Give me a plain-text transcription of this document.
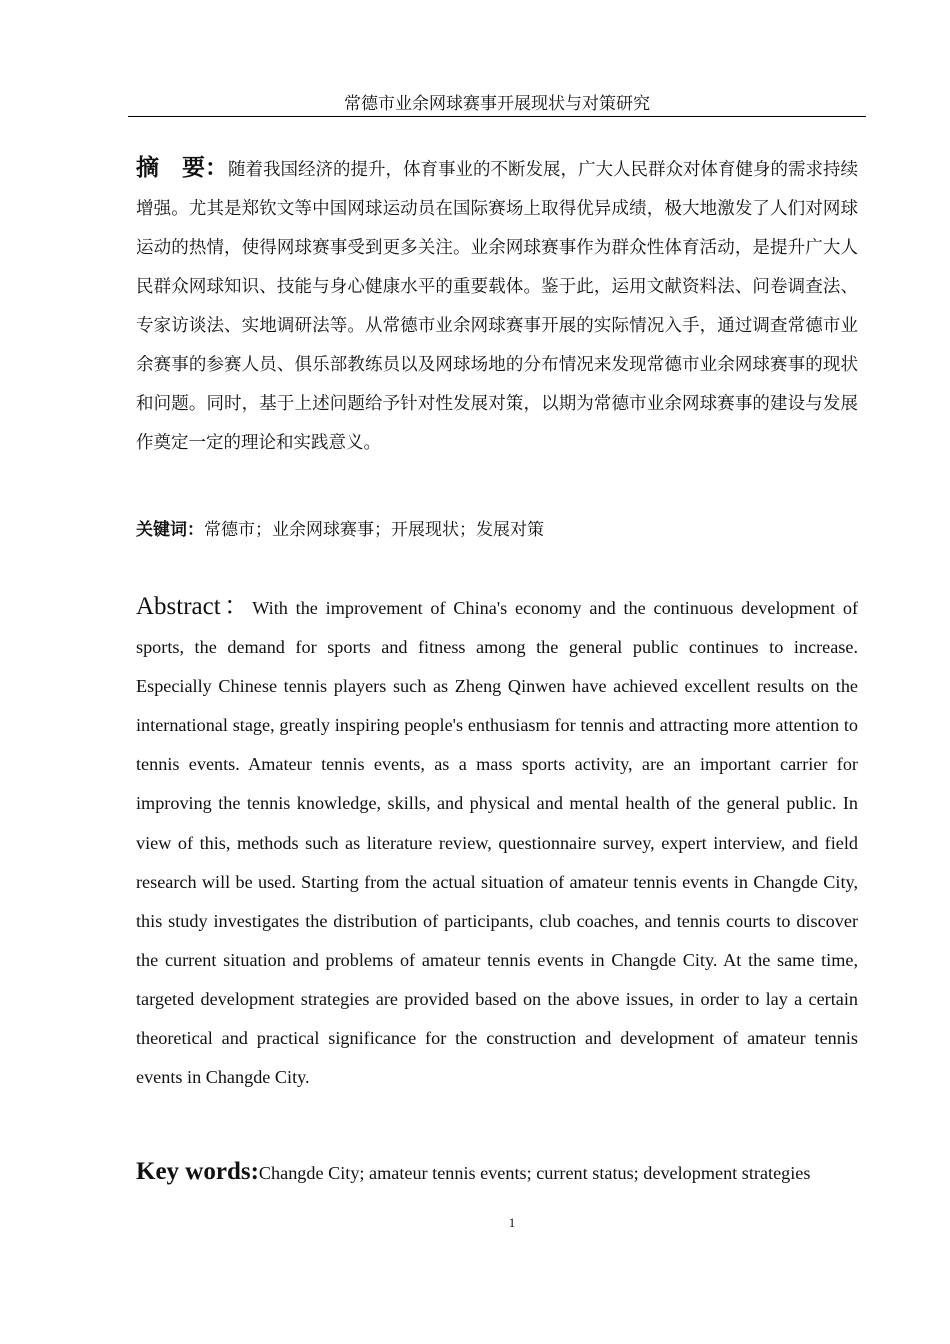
常德市业余网球赛事开展现状与对策研究
摘　要：随着我国经济的提升，体育事业的不断发展，广大人民群众对体育健身的需求持续增强。尤其是郑钦文等中国网球运动员在国际赛场上取得优异成绩，极大地激发了人们对网球运动的热情，使得网球赛事受到更多关注。业余网球赛事作为群众性体育活动，是提升广大人民群众网球知识、技能与身心健康水平的重要载体。鉴于此，运用文献资料法、问卷调查法、专家访谈法、实地调研法等。从常德市业余网球赛事开展的实际情况入手，通过调查常德市业余赛事的参赛人员、俱乐部教练员以及网球场地的分布情况来发现常德市业余网球赛事的现状和问题。同时，基于上述问题给予针对性发展对策，以期为常德市业余网球赛事的建设与发展作奠定一定的理论和实践意义。
关键词：常德市；业余网球赛事；开展现状；发展对策
Abstract：With the improvement of China's economy and the continuous development of sports, the demand for sports and fitness among the general public continues to increase. Especially Chinese tennis players such as Zheng Qinwen have achieved excellent results on the international stage, greatly inspiring people's enthusiasm for tennis and attracting more attention to tennis events. Amateur tennis events, as a mass sports activity, are an important carrier for improving the tennis knowledge, skills, and physical and mental health of the general public. In view of this, methods such as literature review, questionnaire survey, expert interview, and field research will be used. Starting from the actual situation of amateur tennis events in Changde City, this study investigates the distribution of participants, club coaches, and tennis courts to discover the current situation and problems of amateur tennis events in Changde City. At the same time, targeted development strategies are provided based on the above issues, in order to lay a certain theoretical and practical significance for the construction and development of amateur tennis events in Changde City.
Key words:Changde City; amateur tennis events; current status; development strategies
1
